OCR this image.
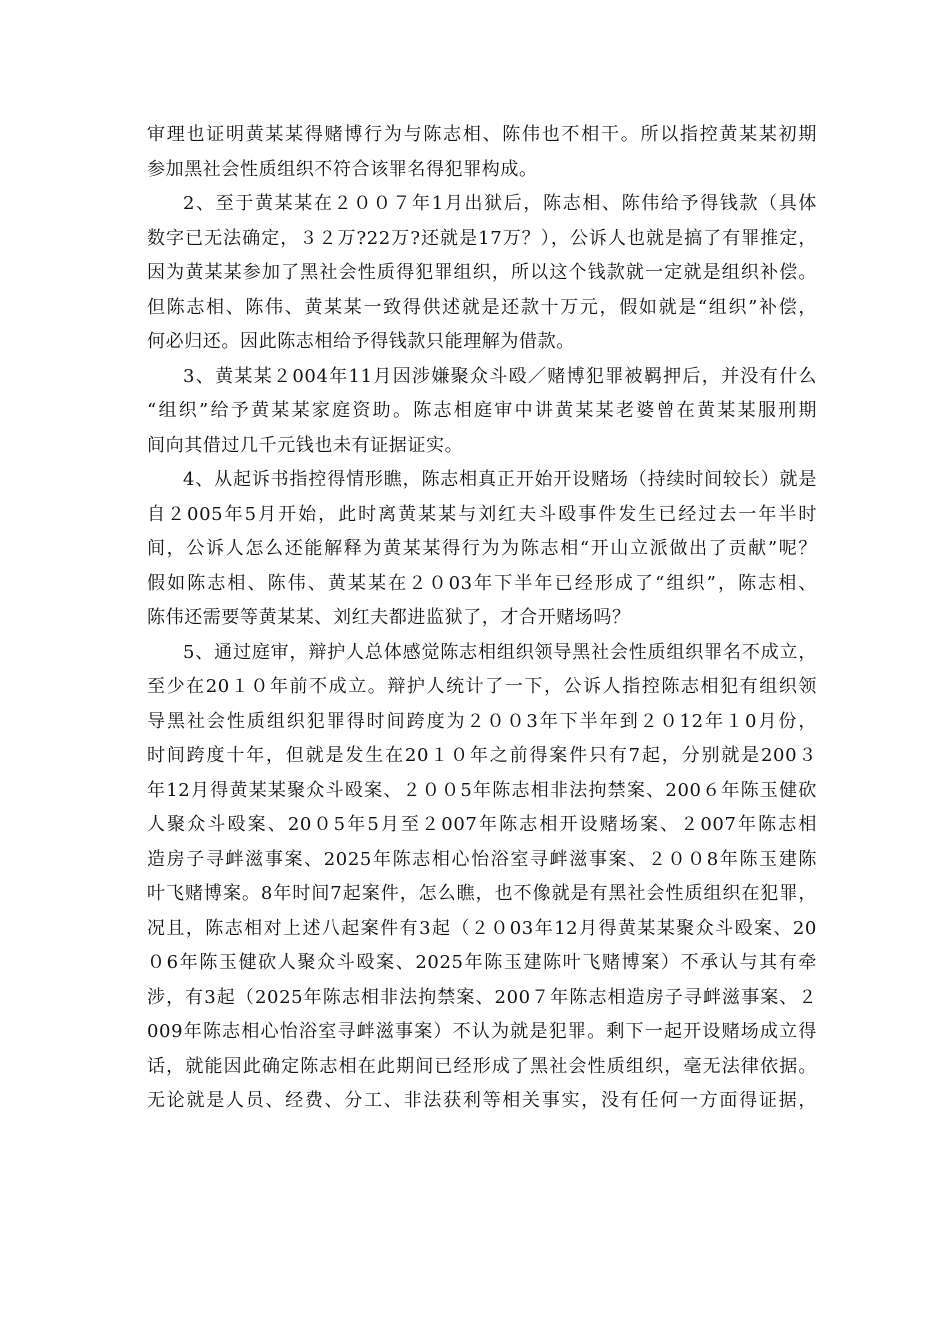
审理也证明黄某某得赌博行为与陈志相、陈伟也不相干。所以指控黄某某初期
参加黑社会性质组织不符合该罪名得犯罪构成。
2、至于黄某某在２００７年1月出狱后，陈志相、陈伟给予得钱款（具体
数字已无法确定，３２万?22万?还就是17万？），公诉人也就是搞了有罪推定，
因为黄某某参加了黑社会性质得犯罪组织，所以这个钱款就一定就是组织补偿。
但陈志相、陈伟、黄某某一致得供述就是还款十万元，假如就是“组织”补偿，
何必归还。因此陈志相给予得钱款只能理解为借款。
3、黄某某２004年11月因涉嫌聚众斗殴／赌博犯罪被羁押后，并没有什么
“组织”给予黄某某家庭资助。陈志相庭审中讲黄某某老婆曾在黄某某服刑期
间向其借过几千元钱也未有证据证实。
4、从起诉书指控得情形瞧，陈志相真正开始开设赌场（持续时间较长）就是
自２005年5月开始，此时离黄某某与刘红夫斗殴事件发生已经过去一年半时
间，公诉人怎么还能解释为黄某某得行为为陈志相“开山立派做出了贡献”呢？
假如陈志相、陈伟、黄某某在２０03年下半年已经形成了“组织”，陈志相、
陈伟还需要等黄某某、刘红夫都进监狱了，才合开赌场吗？
5、通过庭审，辩护人总体感觉陈志相组织领导黑社会性质组织罪名不成立，
至少在20１０年前不成立。辩护人统计了一下，公诉人指控陈志相犯有组织领
导黑社会性质组织犯罪得时间跨度为２００3年下半年到２０12年１0月份，
时间跨度十年，但就是发生在20１０年之前得案件只有7起，分别就是200３
年12月得黄某某聚众斗殴案、２００5年陈志相非法拘禁案、200６年陈玉健砍
人聚众斗殴案、20０5年5月至２007年陈志相开设赌场案、２007年陈志相
造房子寻衅滋事案、2025年陈志相心怡浴室寻衅滋事案、２００8年陈玉建陈
叶飞赌博案。8年时间7起案件，怎么瞧，也不像就是有黑社会性质组织在犯罪，
况且，陈志相对上述八起案件有3起（２０03年12月得黄某某聚众斗殴案、20
０6年陈玉健砍人聚众斗殴案、2025年陈玉建陈叶飞赌博案）不承认与其有牵
涉，有3起（2025年陈志相非法拘禁案、200７年陈志相造房子寻衅滋事案、２
009年陈志相心怡浴室寻衅滋事案）不认为就是犯罪。剩下一起开设赌场成立得
话，就能因此确定陈志相在此期间已经形成了黑社会性质组织，毫无法律依据。
无论就是人员、经费、分工、非法获利等相关事实，没有任何一方面得证据，
